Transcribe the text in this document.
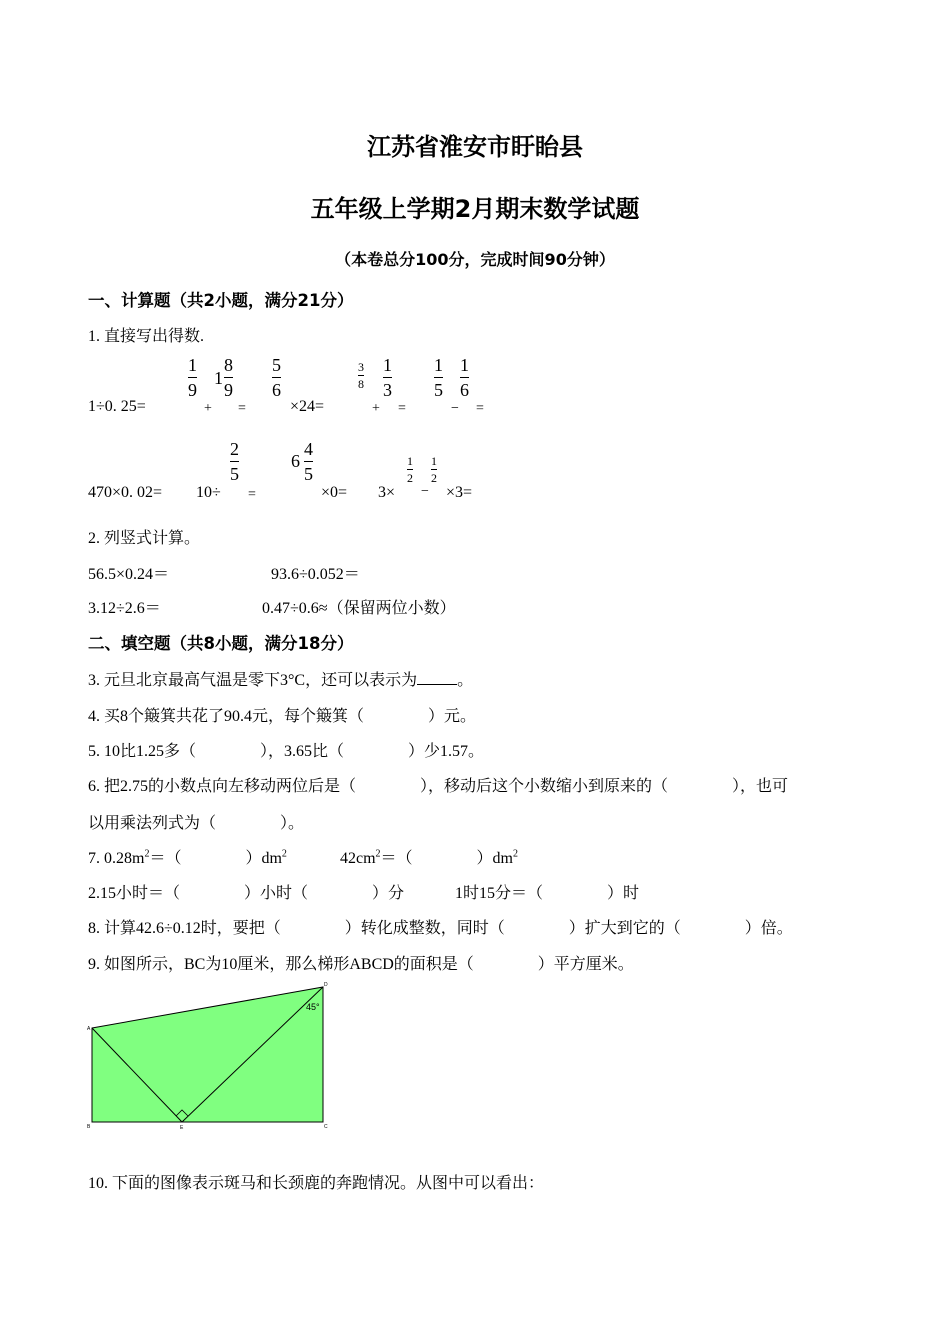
江苏省淮安市盱眙县
五年级上学期2月期末数学试题
（本卷总分100分，完成时间90分钟）
一、计算题（共2小题，满分21分）
1. 直接写出得数.
1÷0. 25=
1
9
1
8
9
+ =
5
6
×24=
3
8
1
3
+ =
1
5
1
6
− =
470×0. 02= 10÷
2
5
=
6
4
5
×0= 3×
1
2
1
2
− ×3=
2. 列竖式计算。
56.5×0.24＝	93.6÷0.052＝
3.12÷2.6＝	0.47÷0.6≈（保留两位小数）
二、填空题（共8小题，满分18分）
3. 元旦北京最高气温是零下3°C，还可以表示为	。
4. 买8个簸箕共花了90.4元，每个簸箕（　　　　）元。
5. 10比1.25多（　　　　），3.65比（　　　　）少1.57。
6. 把2.75的小数点向左移动两位后是（　　　　），移动后这个小数缩小到原来的（　　　　），也可
以用乘法列式为（　　　　）。
7. $0.28m^2=$（　　　　）$dm^2$	$42cm^2=$（　　　　）$dm^2$
2.15小时＝（　　　　）小时（　　　　）分	1时15分＝（　　　　）时
8. 计算42.6÷0.12时，要把（　　　　）转化成整数，同时（　　　　）扩大到它的（　　　　）倍。
9. 如图所示，BC为10厘米，那么梯形ABCD的面积是（　　　　）平方厘米。
45°
A
B	C
D
E
10. 下面的图像表示斑马和长颈鹿的奔跑情况。从图中可以看出：
